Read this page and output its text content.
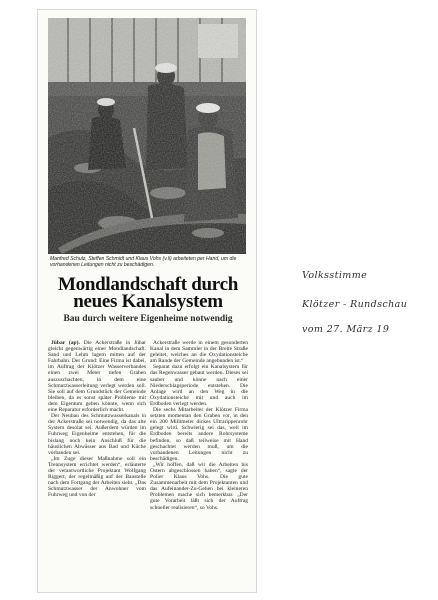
Manfred Schulz, Steffen Schmidt und Klaus Vohs (v.li) arbeiteten per Hand, um die vorhandenen Leitungen nicht zu beschädigen.
Mondlandschaft durch
neues Kanalsystem
Bau durch weitere Eigenheime notwendig

Jübar (ap). Die Ackerstraße in Jübar gleicht gegenwärtig einer Mondlandschaft. Sand und Lehm lagern mitten auf der Fahrbahn. Der Grund: Eine Firma ist dabei, im Auftrag der Klötzer Wasserverbandes einen zwei Meter tiefen Graben auszuschachten, in dem eine Schmutzwasserleitung verlegt werden soll. Sie soll auf dem Grundstück der Gemeinde bleiben, da es sonst später Probleme mit dem Eigentum geben könnte, wenn sich eine Reparatur erforderlich macht.

Der Neubau des Schmutzwasserkanals in der Ackerstraße sei notwendig, da das alte System desolat sei. Außerdem würden im Fuhrweg Eigenheime entstehen, für die bislang noch kein Anschluß für die häuslichen Abwässer aus Bad und Küche vorhanden sei.

„Im Zuge dieser Maßnahme soll ein Trennsystem errichtet werden“, erläuterte der verantwortliche Projektant Wolfgang Riggert, der regelmäßig auf der Baustelle nach dem Fortgang der Arbeiten sieht. „Das Schmutzwasser der Anwohner vom Fuhrweg und von der

Ackerstraße werde in einem gesonderten Kanal in dem Sammler in der Breite Straße geleitet, welches an die Oxydationsteiche am Rande der Gemeinde angebunden ist.“

Separat dazu erfolgt ein Kanalsystem für das Regenwasser gebaut werden. Dieses sei sauber und könne nach einer Niederschlagsperiode entstehen. Die Anlage wird an den Weg in die Oxydationsteiche mit und auch im Erdboden verlegt werden.

Die sechs Mitarbeiter der Klötzer Firma setzten momentan den Graben vor, in den ein 200 Millimeter dickes Ultrarippenrohr gelegt wird. Schwierig sei das, weil im Erdboden bereits andere Rohrsysteme befinden, so daß teilweise mit Hand geschachtet werden muß, um die vorhandenen Leitungen nicht zu beschädigen.

„Wir hoffen, daß wir die Arbeiten bis Ostern abgeschlossen haben“, sagte der Polier Klaus Vohs. Die gute Zusammenarbeit mit dem Projektanten und das Aufeinander-Zu-Gehen bei kleineren Problemen mache sich bemerkbar. „Der gute Vorarbeit läßt sich der Auftrag schneller realisieren“, so Vohs.

Volksstimme
Klötzer - Rundschau
vom 27. März 19
